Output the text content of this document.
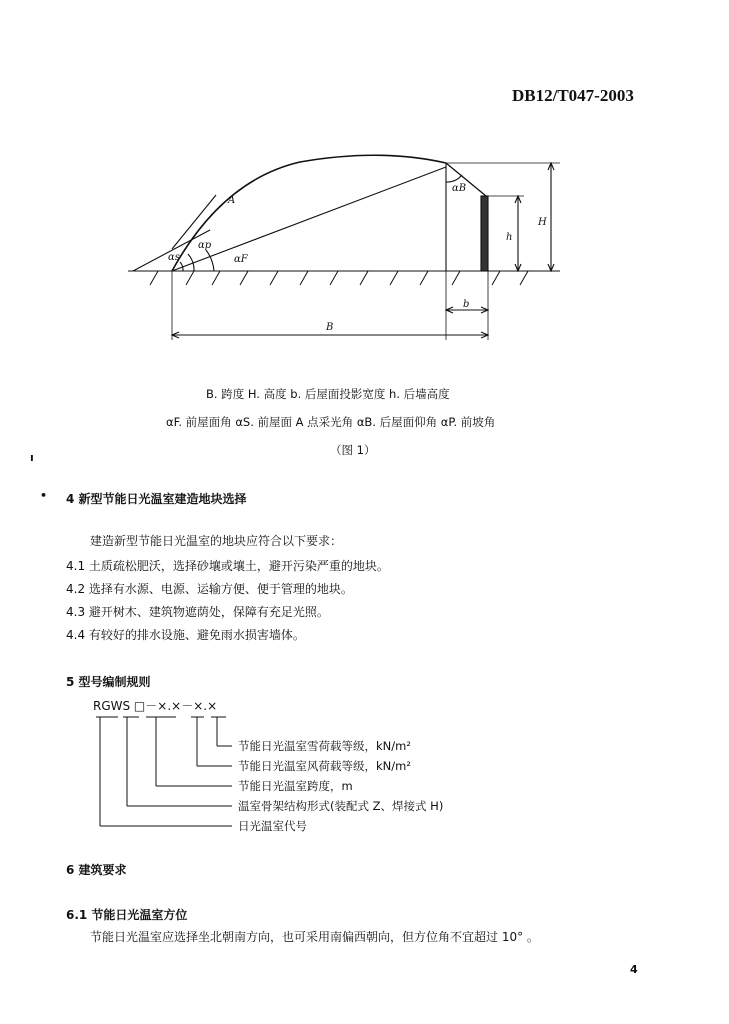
DB12/T047-2003
A
αs
αp
αF
αB
H
h
b
B
B. 跨度 H. 高度 b. 后屋面投影宽度 h. 后墙高度
αF. 前屋面角 αS. 前屋面 A 点采光角 αB. 后屋面仰角 αP. 前坡角
（图 1）
ı
• 4 新型节能日光温室建造地块选择
建造新型节能日光温室的地块应符合以下要求：
4.1 土质疏松肥沃，选择砂壤或壤土，避开污染严重的地块。
4.2 选择有水源、电源、运输方便、便于管理的地块。
4.3 避开树木、建筑物遮荫处，保障有充足光照。
4.4 有较好的排水设施、避免雨水损害墙体。
5 型号编制规则
RGWS □－×.×－×.×
节能日光温室雪荷载等级，kN/m²
节能日光温室风荷载等级，kN/m²
节能日光温室跨度，m
温室骨架结构形式(装配式 Z、焊接式 H)
日光温室代号
6 建筑要求
6.1 节能日光温室方位
节能日光温室应选择坐北朝南方向，也可采用南偏西朝向，但方位角不宜超过 10° 。
4
